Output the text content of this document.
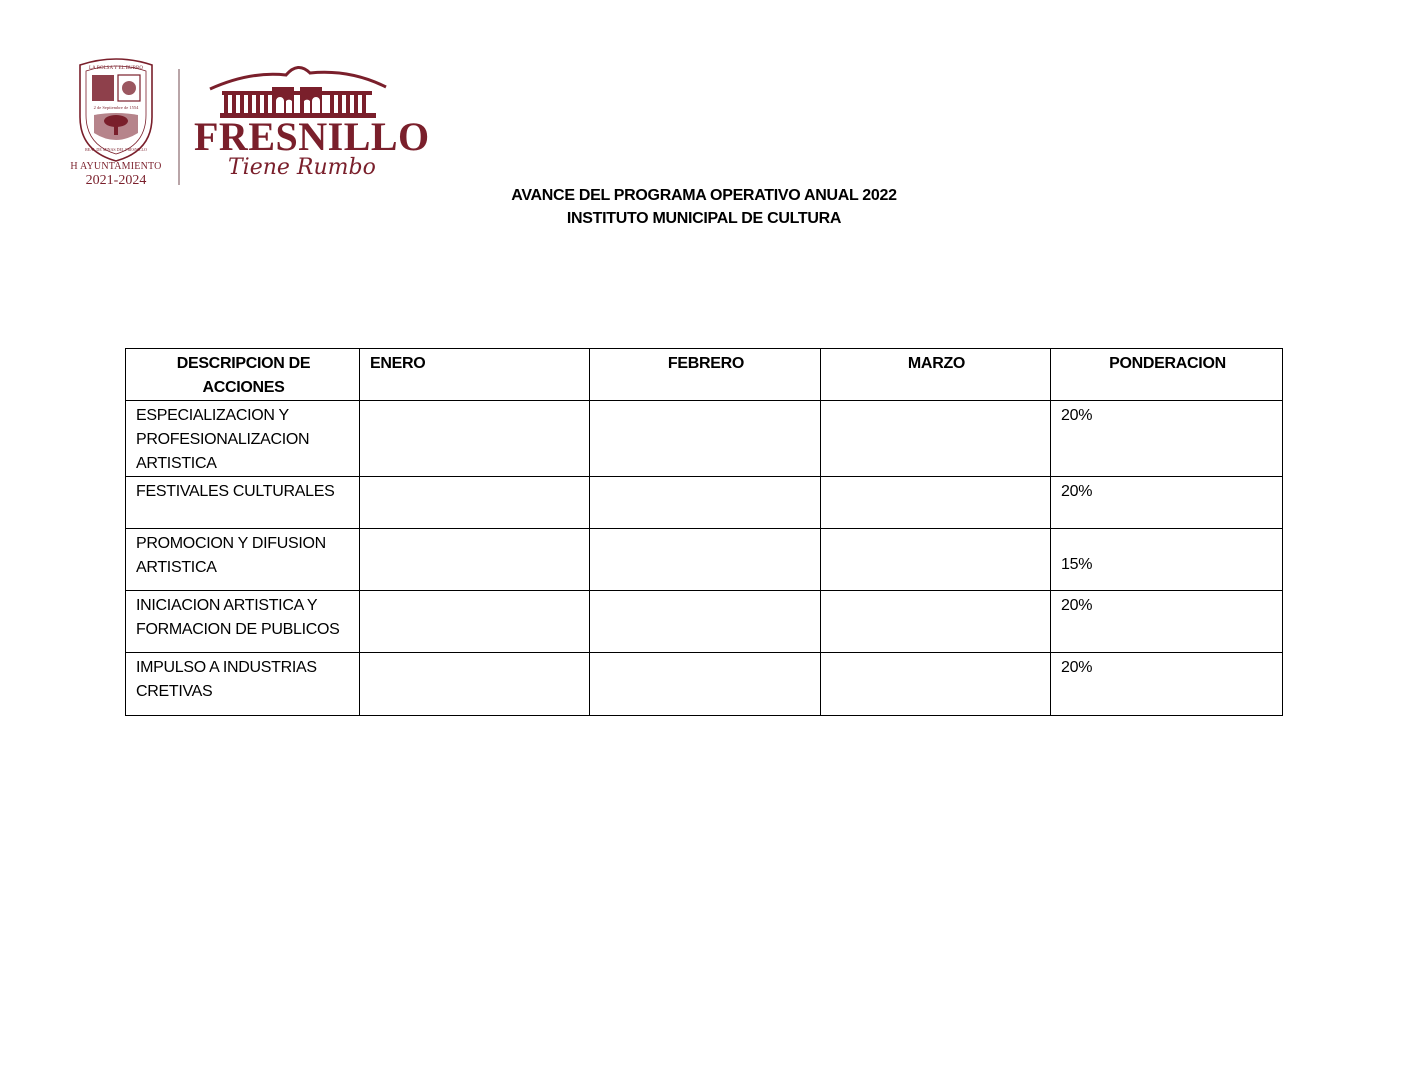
LA BOLSA Y EL BURRO
2 de Septiembre de 1554
REAL DE MINAS DEL FRESNILLO
H AYUNTAMIENTO
2021-2024
FRESNILLO
Tiene Rumbo
AVANCE DEL PROGRAMA OPERATIVO ANUAL 2022
INSTITUTO MUNICIPAL DE CULTURA
DESCRIPCION DE ACCIONES	ENERO	FEBRERO	MARZO	PONDERACION
ESPECIALIZACION Y PROFESIONALIZACION ARTISTICA				20%
FESTIVALES CULTURALES				20%
PROMOCION Y DIFUSION ARTISTICA				15%
INICIACION ARTISTICA Y FORMACION DE PUBLICOS				20%
IMPULSO A INDUSTRIAS CRETIVAS				20%
